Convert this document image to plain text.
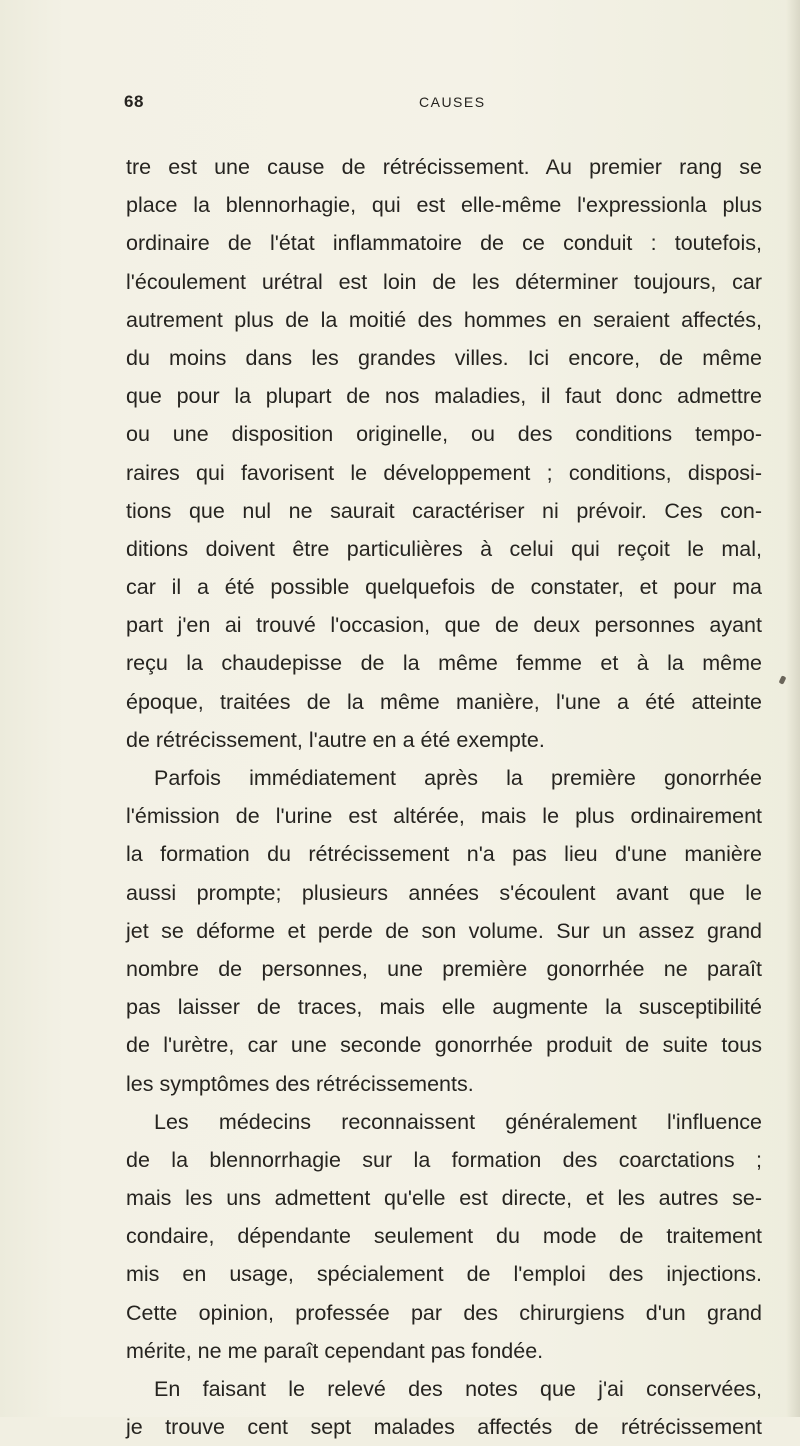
68	CAUSES
tre est une cause de rétrécissement. Au premier rang se
place la blennorhagie, qui est elle-même l'expressionla plus
ordinaire de l'état inflammatoire de ce conduit : toutefois,
l'écoulement urétral est loin de les déterminer toujours, car
autrement plus de la moitié des hommes en seraient affectés,
du moins dans les grandes villes. Ici encore, de même
que pour la plupart de nos maladies, il faut donc admettre
ou une disposition originelle, ou des conditions tempo-
raires qui favorisent le développement ; conditions, disposi-
tions que nul ne saurait caractériser ni prévoir. Ces con-
ditions doivent être particulières à celui qui reçoit le mal,
car il a été possible quelquefois de constater, et pour ma
part j'en ai trouvé l'occasion, que de deux personnes ayant
reçu la chaudepisse de la même femme et à la même
époque, traitées de la même manière, l'une a été atteinte
de rétrécissement, l'autre en a été exempte.
Parfois immédiatement après la première gonorrhée
l'émission de l'urine est altérée, mais le plus ordinairement
la formation du rétrécissement n'a pas lieu d'une manière
aussi prompte; plusieurs années s'écoulent avant que le
jet se déforme et perde de son volume. Sur un assez grand
nombre de personnes, une première gonorrhée ne paraît
pas laisser de traces, mais elle augmente la susceptibilité
de l'urètre, car une seconde gonorrhée produit de suite tous
les symptômes des rétrécissements.
Les médecins reconnaissent généralement l'influence
de la blennorrhagie sur la formation des coarctations ;
mais les uns admettent qu'elle est directe, et les autres se-
condaire, dépendante seulement du mode de traitement
mis en usage, spécialement de l'emploi des injections.
Cette opinion, professée par des chirurgiens d'un grand
mérite, ne me paraît cependant pas fondée.
En faisant le relevé des notes que j'ai conservées,
je trouve cent sept malades affectés de rétrécissement
